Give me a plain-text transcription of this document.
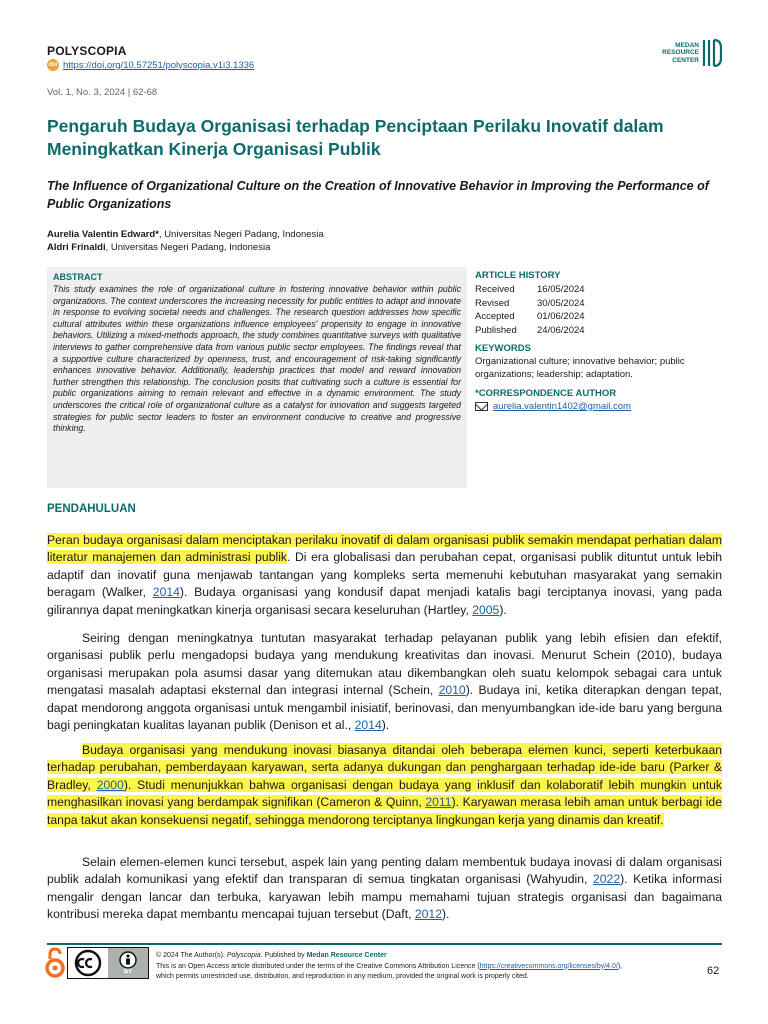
POLYSCOPIA
doi https://doi.org/10.57251/polyscopia.v1i3.1336
MEDAN
RESOURCE
CENTER
Vol. 1, No. 3, 2024 | 62-68
Pengaruh Budaya Organisasi terhadap Penciptaan Perilaku Inovatif dalam Meningkatkan Kinerja Organisasi Publik
The Influence of Organizational Culture on the Creation of Innovative Behavior in Improving the Performance of Public Organizations
Aurelia Valentin Edward*, Universitas Negeri Padang, Indonesia
Aldri Frinaldi, Universitas Negeri Padang, Indonesia
ABSTRACT
This study examines the role of organizational culture in fostering innovative behavior within public organizations. The context underscores the increasing necessity for public entities to adapt and innovate in response to evolving societal needs and challenges. The research question addresses how specific cultural attributes within these organizations influence employees' propensity to engage in innovative behaviors. Utilizing a mixed-methods approach, the study combines quantitative surveys with qualitative interviews to gather comprehensive data from various public sector employees. The findings reveal that a supportive culture characterized by openness, trust, and encouragement of risk-taking significantly enhances innovative behavior. Additionally, leadership practices that model and reward innovation further strengthen this relationship. The conclusion posits that cultivating such a culture is essential for public organizations aiming to remain relevant and effective in a dynamic environment. The study underscores the critical role of organizational culture as a catalyst for innovation and suggests targeted strategies for public sector leaders to foster an environment conducive to creative and progressive thinking.
ARTICLE HISTORY
Received	16/05/2024
Revised	30/05/2024
Accepted	01/06/2024
Published	24/06/2024
KEYWORDS
Organizational culture; innovative behavior; public organizations; leadership; adaptation.
*CORRESPONDENCE AUTHOR
aurelia.valentin1402@gmail.com
PENDAHULUAN
Peran budaya organisasi dalam menciptakan perilaku inovatif di dalam organisasi publik semakin mendapat perhatian dalam literatur manajemen dan administrasi publik. Di era globalisasi dan perubahan cepat, organisasi publik dituntut untuk lebih adaptif dan inovatif guna menjawab tantangan yang kompleks serta memenuhi kebutuhan masyarakat yang semakin beragam (Walker, 2014). Budaya organisasi yang kondusif dapat menjadi katalis bagi terciptanya inovasi, yang pada gilirannya dapat meningkatkan kinerja organisasi secara keseluruhan (Hartley, 2005).
Seiring dengan meningkatnya tuntutan masyarakat terhadap pelayanan publik yang lebih efisien dan efektif, organisasi publik perlu mengadopsi budaya yang mendukung kreativitas dan inovasi. Menurut Schein (2010), budaya organisasi merupakan pola asumsi dasar yang ditemukan atau dikembangkan oleh suatu kelompok sebagai cara untuk mengatasi masalah adaptasi eksternal dan integrasi internal (Schein, 2010). Budaya ini, ketika diterapkan dengan tepat, dapat mendorong anggota organisasi untuk mengambil inisiatif, berinovasi, dan menyumbangkan ide-ide baru yang berguna bagi peningkatan kualitas layanan publik (Denison et al., 2014).
Budaya organisasi yang mendukung inovasi biasanya ditandai oleh beberapa elemen kunci, seperti keterbukaan terhadap perubahan, pemberdayaan karyawan, serta adanya dukungan dan penghargaan terhadap ide-ide baru (Parker & Bradley, 2000). Studi menunjukkan bahwa organisasi dengan budaya yang inklusif dan kolaboratif lebih mungkin untuk menghasilkan inovasi yang berdampak signifikan (Cameron & Quinn, 2011). Karyawan merasa lebih aman untuk berbagi ide tanpa takut akan konsekuensi negatif, sehingga mendorong terciptanya lingkungan kerja yang dinamis dan kreatif.
Selain elemen-elemen kunci tersebut, aspek lain yang penting dalam membentuk budaya inovasi di dalam organisasi publik adalah komunikasi yang efektif dan transparan di semua tingkatan organisasi (Wahyudin, 2022). Ketika informasi mengalir dengan lancar dan terbuka, karyawan lebih mampu memahami tujuan strategis organisasi dan bagaimana kontribusi mereka dapat membantu mencapai tujuan tersebut (Daft, 2012).
BY
© 2024 The Author(s). Polyscopia. Published by Medan Resource Center
This is an Open Access article distributed under the terms of the Creative Commons Attribution Licence (https://creativecommons.org/licenses/by/4.0/),
which permits unrestricted use, distribution, and reproduction in any medium, provided the original work is properly cited.	62
